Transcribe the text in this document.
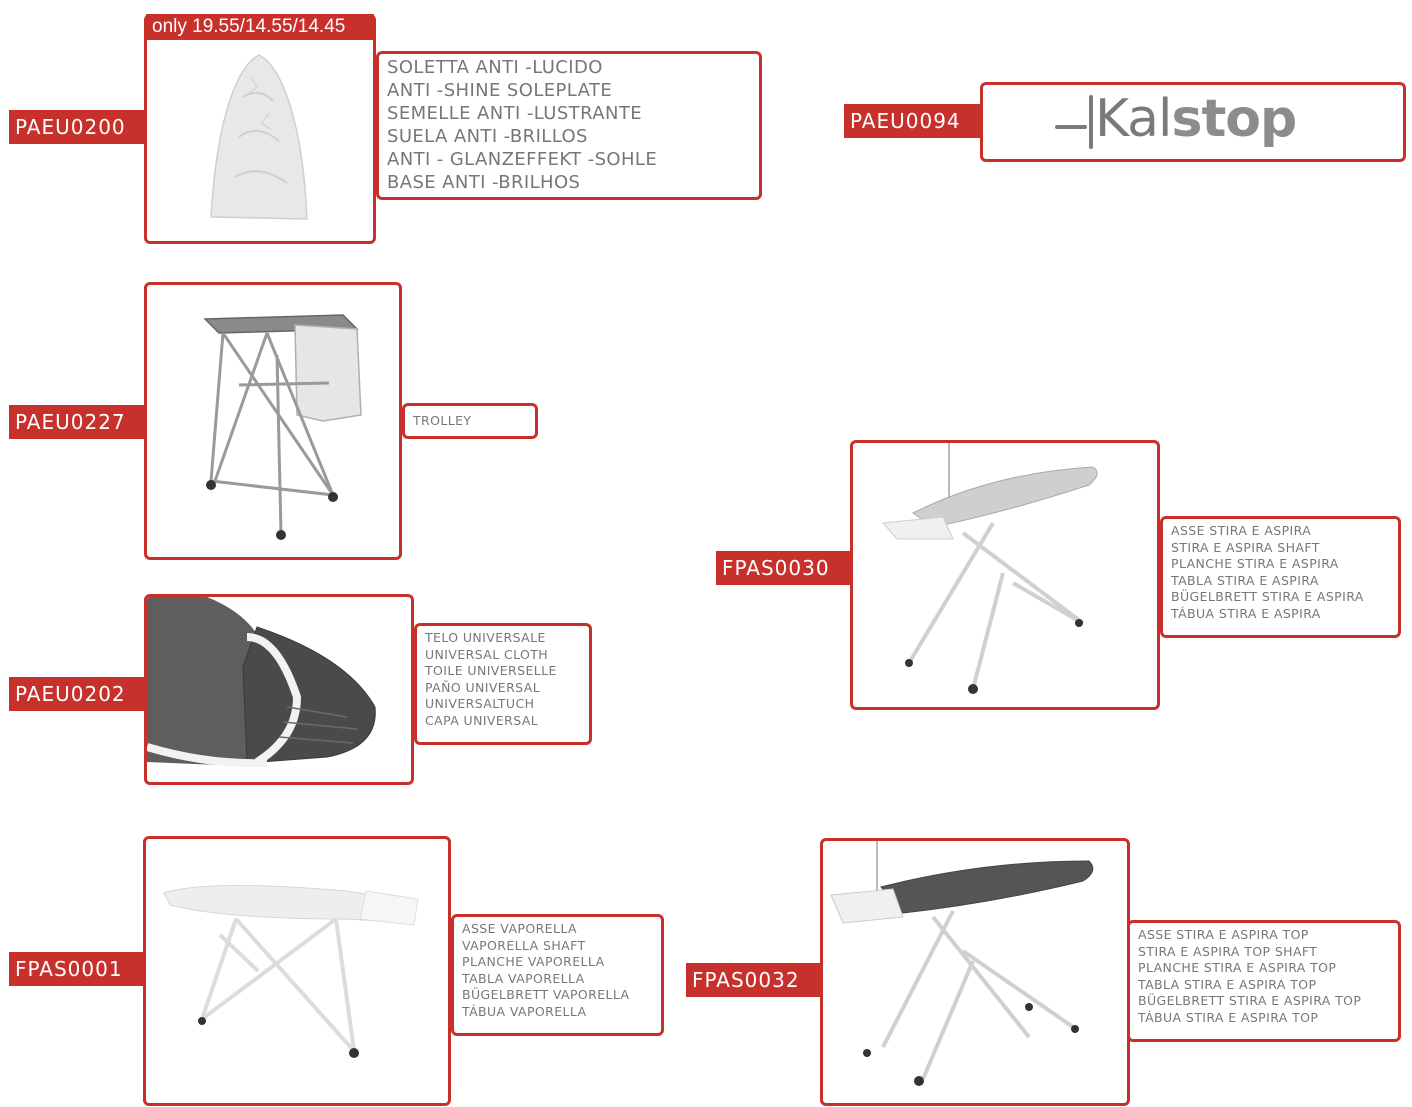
only 19.55/14.55/14.45
PAEU0200
SOLETTA ANTI -LUCIDO
ANTI -SHINE SOLEPLATE
SEMELLE ANTI -LUSTRANTE
SUELA ANTI -BRILLOS
ANTI - GLANZEFFEKT -SOHLE
BASE ANTI -BRILHOS
PAEU0094	Kalstop
PAEU0227	TROLLEY
PAEU0202
TELO UNIVERSALE
UNIVERSAL CLOTH
TOILE UNIVERSELLE
PAÑO UNIVERSAL
UNIVERSALTUCH
CAPA UNIVERSAL
FPAS0030
ASSE STIRA E ASPIRA
STIRA E ASPIRA SHAFT
PLANCHE STIRA E ASPIRA
TABLA STIRA E ASPIRA
BÜGELBRETT STIRA E ASPIRA
TÁBUA STIRA E ASPIRA
FPAS0001
ASSE VAPORELLA
VAPORELLA SHAFT
PLANCHE VAPORELLA
TABLA VAPORELLA
BÜGELBRETT VAPORELLA
TÁBUA VAPORELLA
FPAS0032
ASSE STIRA E ASPIRA TOP
STIRA E ASPIRA TOP SHAFT
PLANCHE STIRA E ASPIRA TOP
TABLA STIRA E ASPIRA TOP
BÜGELBRETT STIRA E ASPIRA TOP
TÁBUA STIRA E ASPIRA TOP
